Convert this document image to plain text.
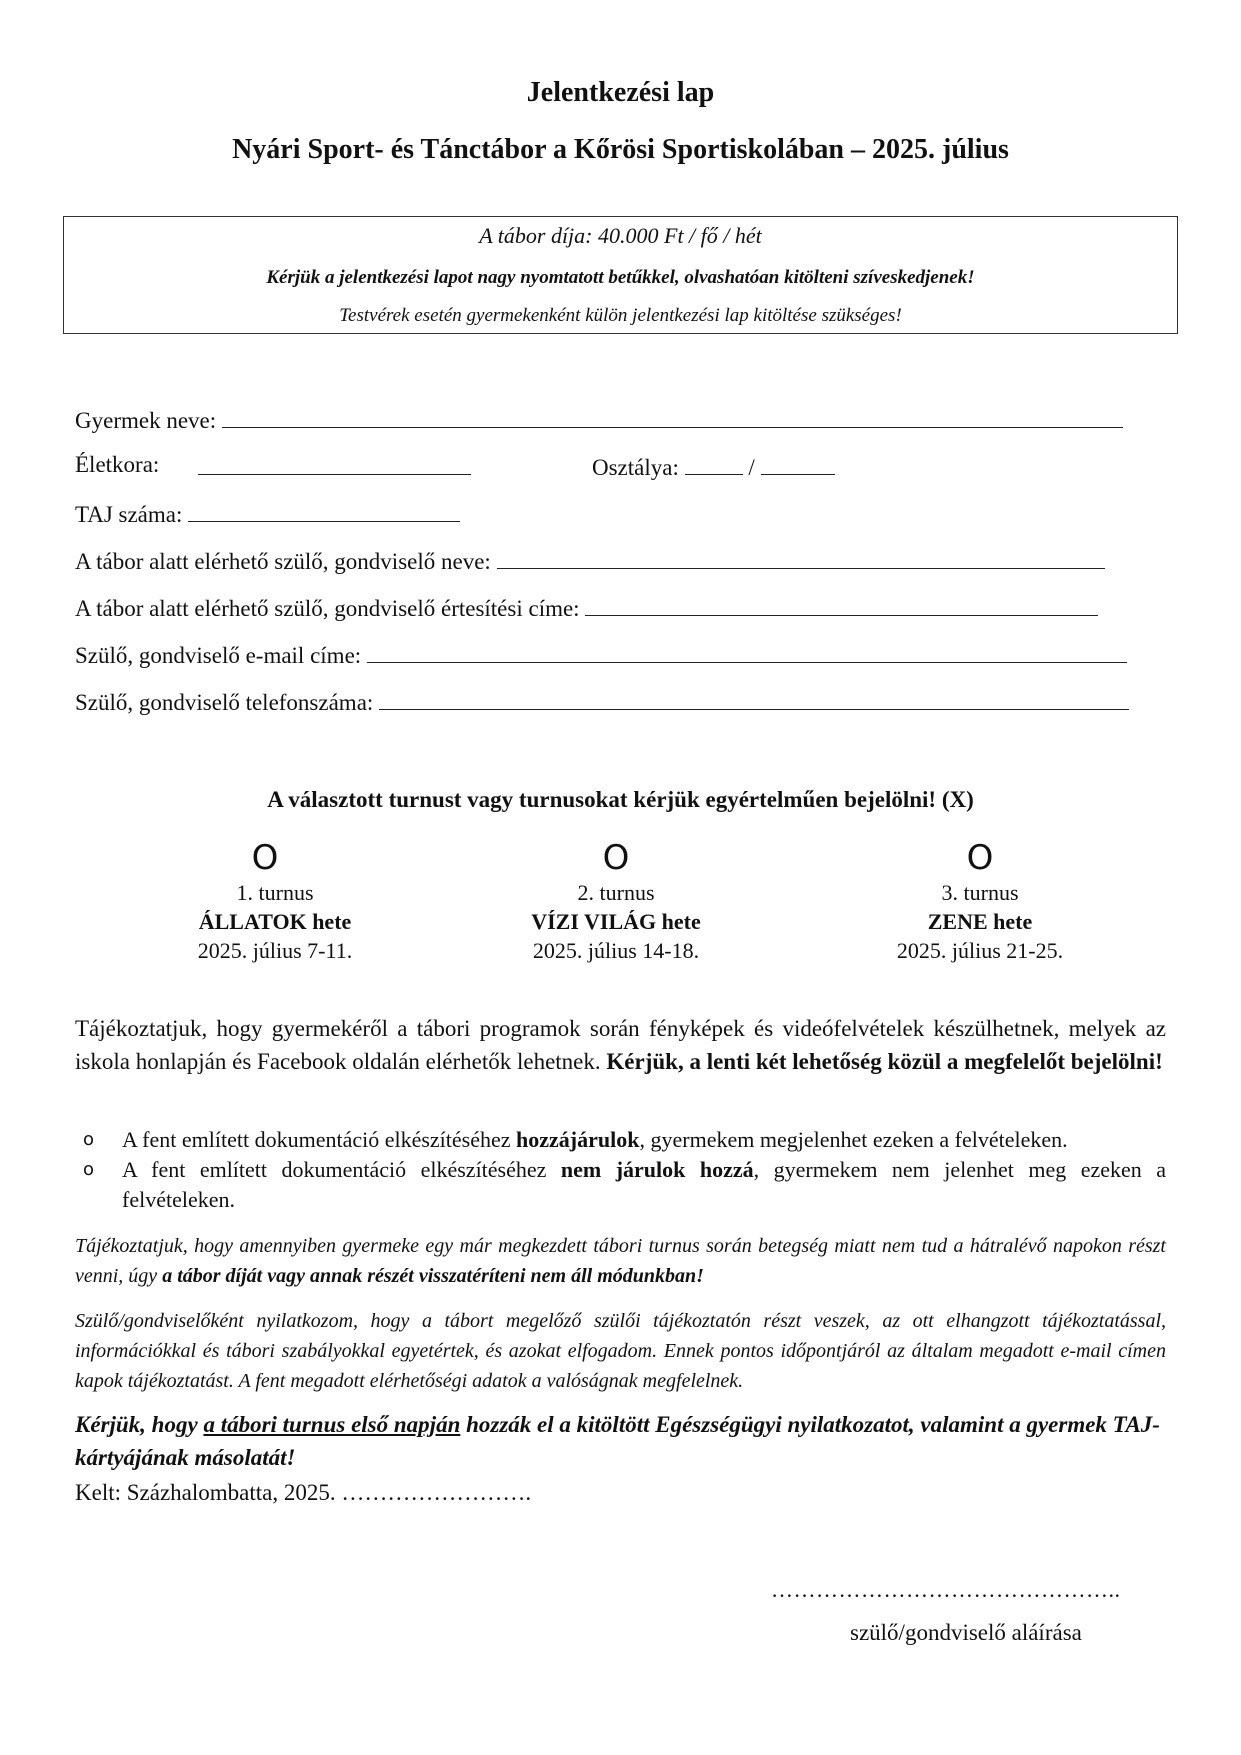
Jelentkezési lap
Nyári Sport- és Tánctábor a Kőrösi Sportiskolában – 2025. július
A tábor díja: 40.000 Ft / fő / hét
Kérjük a jelentkezési lapot nagy nyomtatott betűkkel, olvashatóan kitölteni szíveskedjenek!
Testvérek esetén gyermekenként külön jelentkezési lap kitöltése szükséges!
Gyermek neve:
Életkora:	Osztálya:	/
TAJ száma:
A tábor alatt elérhető szülő, gondviselő neve:
A tábor alatt elérhető szülő, gondviselő értesítési címe:
Szülő, gondviselő e-mail címe:
Szülő, gondviselő telefonszáma:
A választott turnust vagy turnusokat kérjük egyértelműen bejelölni! (X)
O
1. turnus
ÁLLATOK hete
2025. július 7-11.
O
2. turnus
VÍZI VILÁG hete
2025. július 14-18.
O
3. turnus
ZENE hete
2025. július 21-25.
Tájékoztatjuk, hogy gyermekéről a tábori programok során fényképek és videófelvételek készülhetnek, melyek az iskola honlapján és Facebook oldalán elérhetők lehetnek. Kérjük, a lenti két lehetőség közül a megfelelőt bejelölni!
o	A fent említett dokumentáció elkészítéséhez hozzájárulok, gyermekem megjelenhet ezeken a felvételeken.
o	A fent említett dokumentáció elkészítéséhez nem járulok hozzá, gyermekem nem jelenhet meg ezeken a felvételeken.
Tájékoztatjuk, hogy amennyiben gyermeke egy már megkezdett tábori turnus során betegség miatt nem tud a hátralévő napokon részt venni, úgy a tábor díját vagy annak részét visszatéríteni nem áll módunkban!
Szülő/gondviselőként nyilatkozom, hogy a tábort megelőző szülői tájékoztatón részt veszek, az ott elhangzott tájékoztatással, információkkal és tábori szabályokkal egyetértek, és azokat elfogadom. Ennek pontos időpontjáról az általam megadott e-mail címen kapok tájékoztatást. A fent megadott elérhetőségi adatok a valóságnak megfelelnek.
Kérjük, hogy a tábori turnus első napján hozzák el a kitöltött Egészségügyi nyilatkozatot, valamint a gyermek TAJ-kártyájának másolatát!
Kelt: Százhalombatta, 2025. …………………….
………………………………………..
szülő/gondviselő aláírása
